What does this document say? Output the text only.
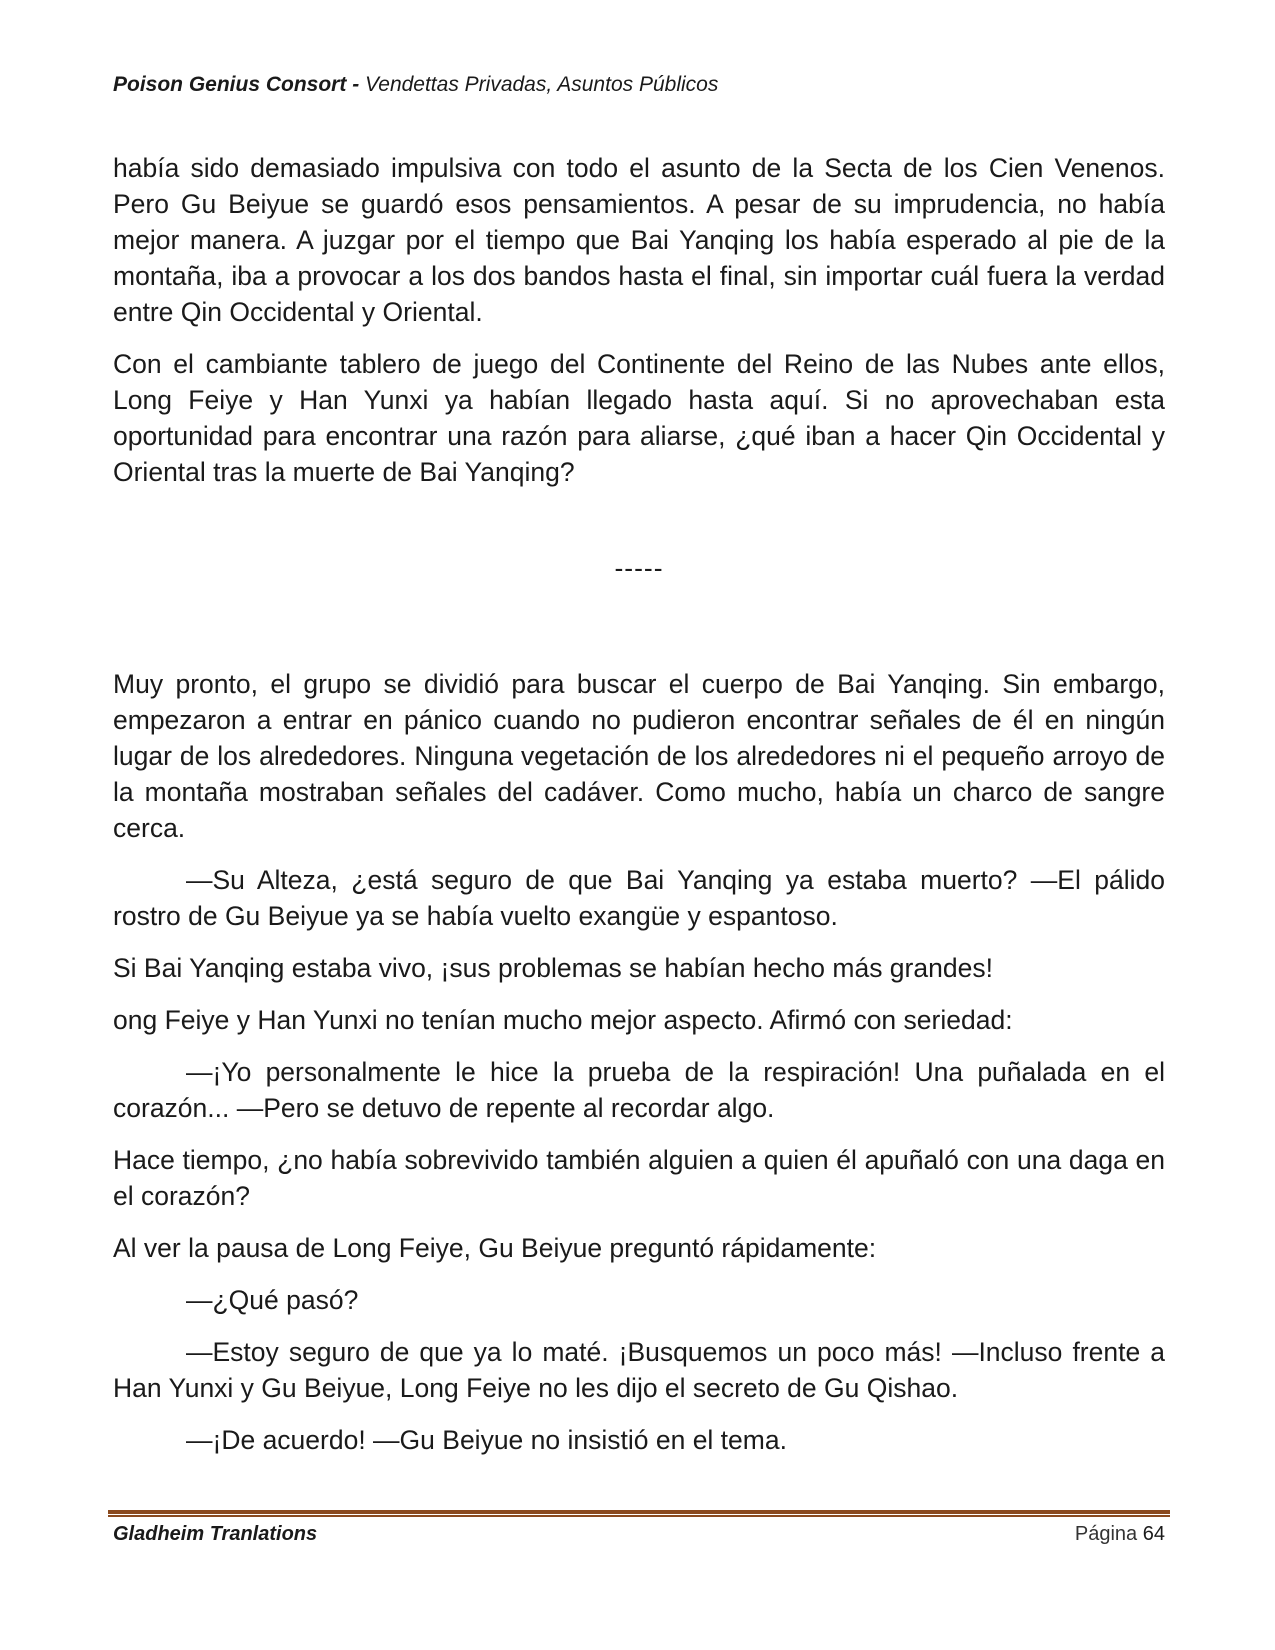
Poison Genius Consort - Vendettas Privadas, Asuntos Públicos

había sido demasiado impulsiva con todo el asunto de la Secta de los Cien Venenos. Pero Gu Beiyue se guardó esos pensamientos. A pesar de su imprudencia, no había mejor manera. A juzgar por el tiempo que Bai Yanqing los había esperado al pie de la montaña, iba a provocar a los dos bandos hasta el final, sin importar cuál fuera la verdad entre Qin Occidental y Oriental.

Con el cambiante tablero de juego del Continente del Reino de las Nubes ante ellos, Long Feiye y Han Yunxi ya habían llegado hasta aquí. Si no aprovechaban esta oportunidad para encontrar una razón para aliarse, ¿qué iban a hacer Qin Occidental y Oriental tras la muerte de Bai Yanqing?

-----

Muy pronto, el grupo se dividió para buscar el cuerpo de Bai Yanqing. Sin embargo, empezaron a entrar en pánico cuando no pudieron encontrar señales de él en ningún lugar de los alrededores. Ninguna vegetación de los alrededores ni el pequeño arroyo de la montaña mostraban señales del cadáver. Como mucho, había un charco de sangre cerca.

—Su Alteza, ¿está seguro de que Bai Yanqing ya estaba muerto? —El pálido rostro de Gu Beiyue ya se había vuelto exangüe y espantoso.

Si Bai Yanqing estaba vivo, ¡sus problemas se habían hecho más grandes!

ong Feiye y Han Yunxi no tenían mucho mejor aspecto. Afirmó con seriedad:

—¡Yo personalmente le hice la prueba de la respiración! Una puñalada en el corazón... —Pero se detuvo de repente al recordar algo.

Hace tiempo, ¿no había sobrevivido también alguien a quien él apuñaló con una daga en el corazón?

Al ver la pausa de Long Feiye, Gu Beiyue preguntó rápidamente:

—¿Qué pasó?

—Estoy seguro de que ya lo maté. ¡Busquemos un poco más! —Incluso frente a Han Yunxi y Gu Beiyue, Long Feiye no les dijo el secreto de Gu Qishao.

—¡De acuerdo! —Gu Beiyue no insistió en el tema.

Gladheim Tranlations	Página 64
